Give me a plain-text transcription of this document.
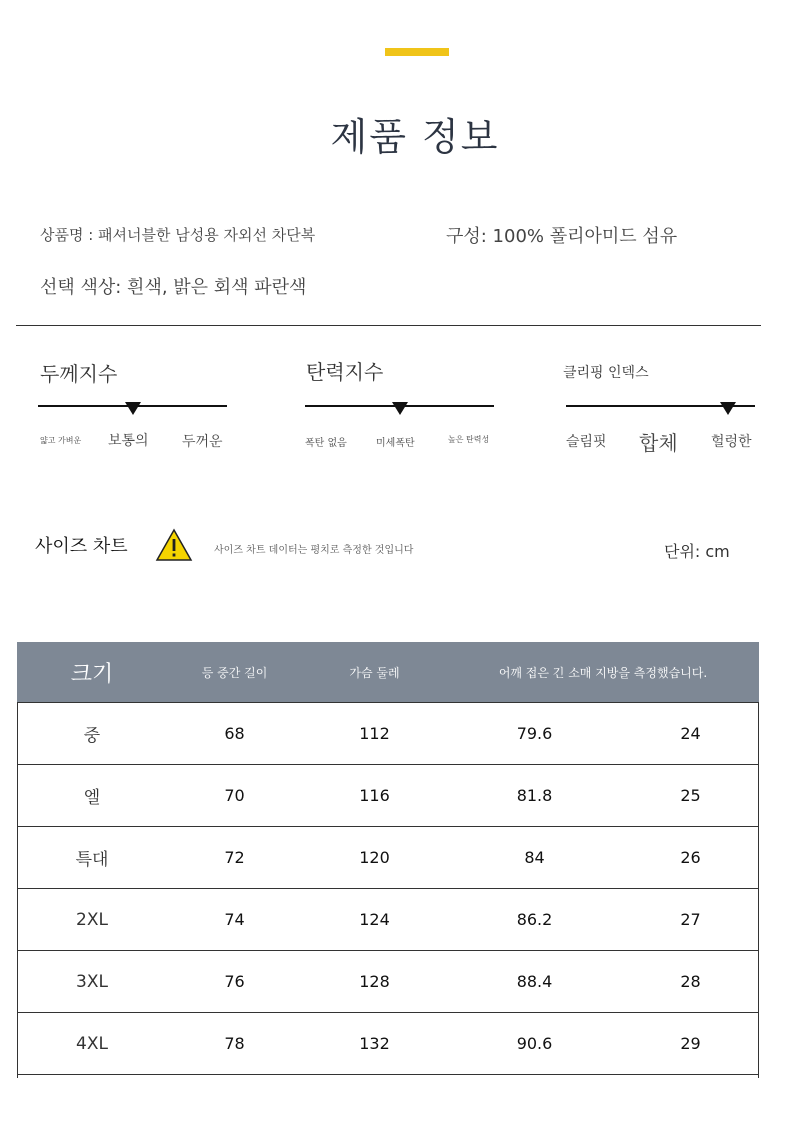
제품 정보
상품명 : 패셔너블한 남성용 자외선 차단복	구성: 100% 폴리아미드 섬유
선택 색상: 흰색, 밝은 회색 파란색
두께지수
얇고 가벼운 보통의 두꺼운
탄력지수
폭탄 없음	미세폭탄	높은 탄력성
클리핑 인덱스
슬림핏 합체 헐렁한
사이즈 차트	사이즈 차트 데이터는 평치로 측정한 것입니다	단위: cm
크기	등 중간 길이	가슴 둘레	어깨 접은 긴 소매 지방을 측정했습니다.	
중	68	112	79.6	24
엘	70	116	81.8	25
특대	72	120	84	26
2XL	74	124	86.2	27
3XL	76	128	88.4	28
4XL	78	132	90.6	29
